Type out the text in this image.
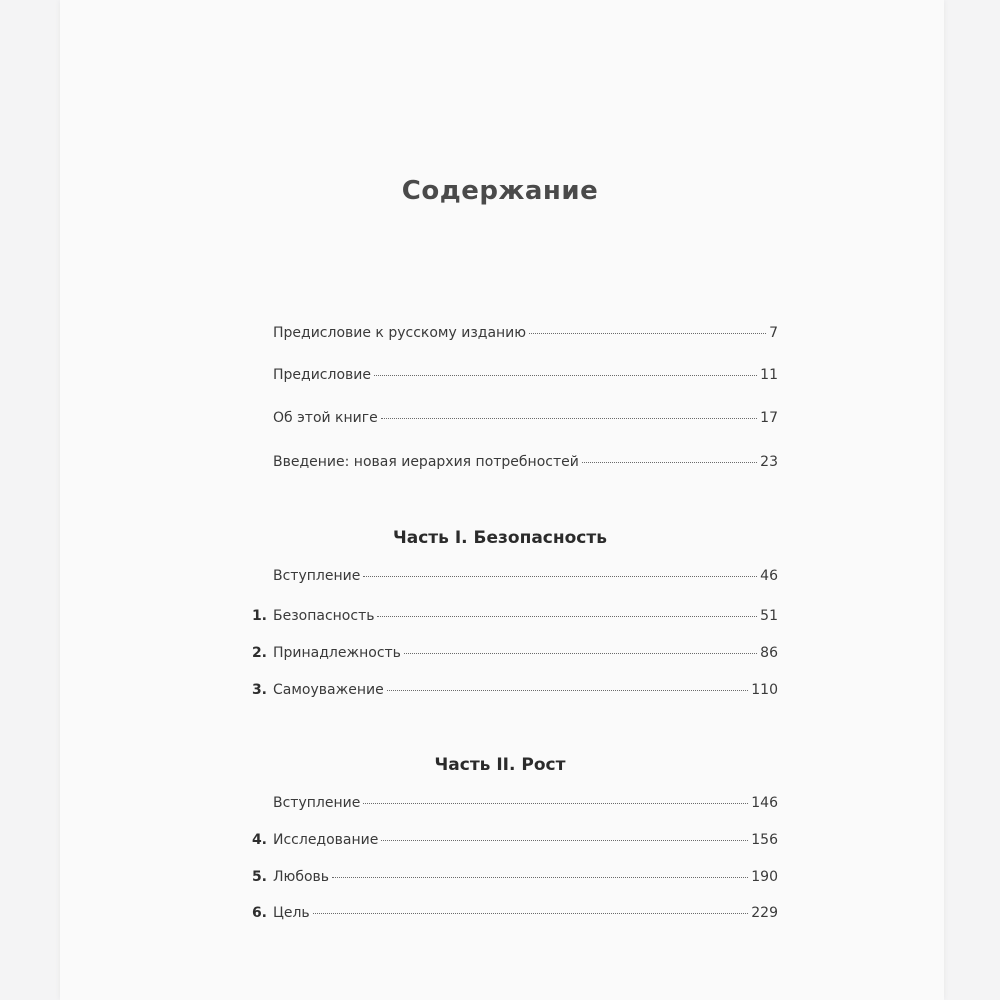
Содержание
Предисловие к русскому изданию	7
Предисловие	11
Об этой книге	17
Введение: новая иерархия потребностей	23
Часть I. Безопасность
Вступление	46
1. Безопасность	51
2. Принадлежность	86
3. Самоуважение	110
Часть II. Рост
Вступление	146
4. Исследование	156
5. Любовь	190
6. Цель	229
